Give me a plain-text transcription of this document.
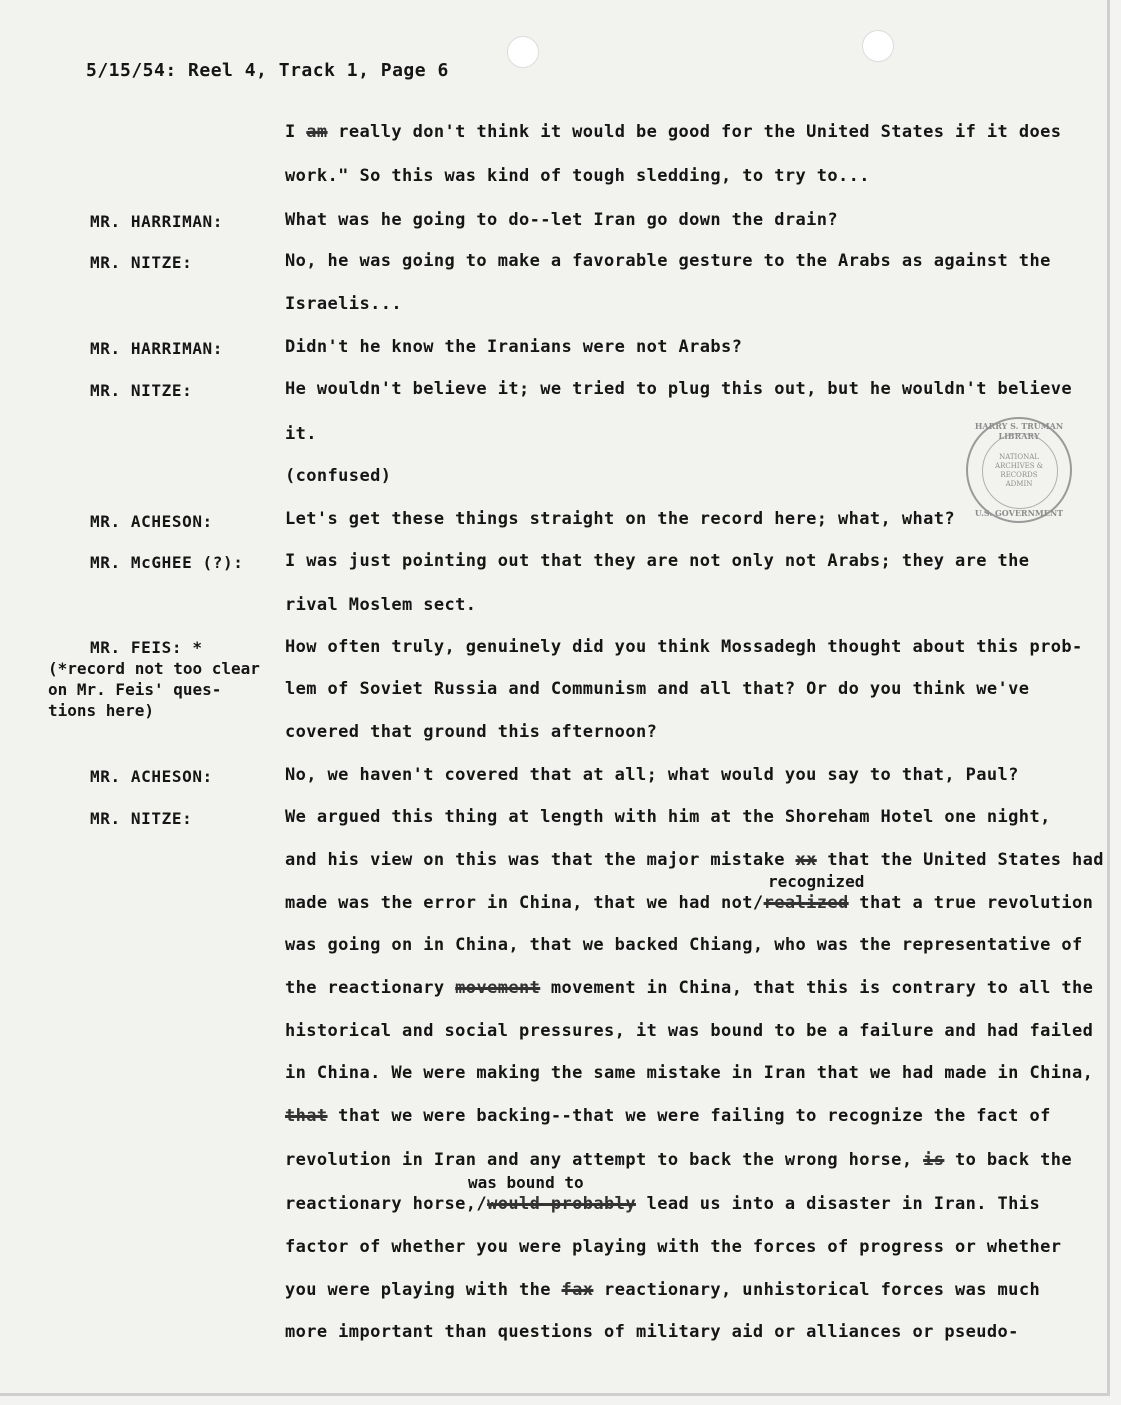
5/15/54: Reel 4, Track 1, Page 6
HARRY S. TRUMAN LIBRARY
NATIONAL
ARCHIVES &
RECORDS
ADMIN
U.S. GOVERNMENT
I am really don't think it would be good for the United States if it does
work." So this was kind of tough sledding, to try to...
MR. HARRIMAN:	What was he going to do--let Iran go down the drain?
MR. NITZE:	No, he was going to make a favorable gesture to the Arabs as against the
Israelis...
MR. HARRIMAN:	Didn't he know the Iranians were not Arabs?
MR. NITZE:	He wouldn't believe it; we tried to plug this out, but he wouldn't believe
it.
(confused)
MR. ACHESON:	Let's get these things straight on the record here; what, what?
MR. McGHEE (?): I was just pointing out that they are not only not Arabs; they are the
rival Moslem sect.
MR. FEIS: *
(*record not too clear
on Mr. Feis' ques-
tions here)
How often truly, genuinely did you think Mossadegh thought about this prob-
lem of Soviet Russia and Communism and all that? Or do you think we've
covered that ground this afternoon?
MR. ACHESON:	No, we haven't covered that at all; what would you say to that, Paul?
MR. NITZE:	We argued this thing at length with him at the Shoreham Hotel one night,
and his view on this was that the major mistake xx that the United States had
recognized
made was the error in China, that we had not/realized that a true revolution
was going on in China, that we backed Chiang, who was the representative of
the reactionary movement movement in China, that this is contrary to all the
historical and social pressures, it was bound to be a failure and had failed
in China. We were making the same mistake in Iran that we had made in China,
that that we were backing--that we were failing to recognize the fact of
revolution in Iran and any attempt to back the wrong horse, is to back the
was bound to
reactionary horse,/would probably lead us into a disaster in Iran. This
factor of whether you were playing with the forces of progress or whether
you were playing with the fax reactionary, unhistorical forces was much
more important than questions of military aid or alliances or pseudo-
